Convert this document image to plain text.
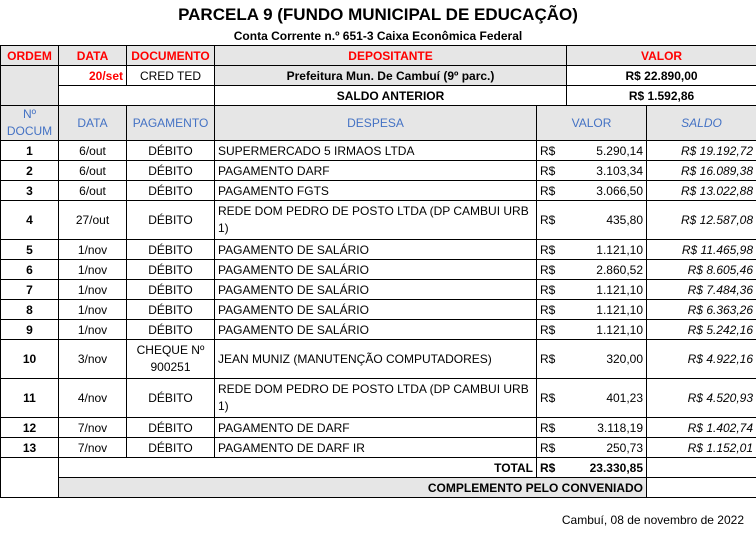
PARCELA 9 (FUNDO MUNICIPAL DE EDUCAÇÃO)
Conta Corrente n.º 651-3 Caixa Econômica Federal
ORDEM	DATA	DOCUMENTO	DEPOSITANTE		VALOR	
	20/set	CRED TED	Prefeitura Mun. De Cambuí (9º parc.)		R$ 22.890,00	
			SALDO ANTERIOR		R$ 1.592,86	
Nº DOCUM	DATA	PAGAMENTO	DESPESA	VALOR		SALDO
1	6/out	DÉBITO	SUPERMERCADO 5 IRMAOS LTDA	R$	5.290,14	R$ 19.192,72
2	6/out	DÉBITO	PAGAMENTO DARF	R$	3.103,34	R$ 16.089,38
3	6/out	DÉBITO	PAGAMENTO FGTS	R$	3.066,50	R$ 13.022,88
4	27/out	DÉBITO	REDE DOM PEDRO DE POSTO LTDA (DP CAMBUI URB 1)	R$	435,80	R$ 12.587,08
5	1/nov	DÉBITO	PAGAMENTO DE SALÁRIO	R$	1.121,10	R$ 11.465,98
6	1/nov	DÉBITO	PAGAMENTO DE SALÁRIO	R$	2.860,52	R$ 8.605,46
7	1/nov	DÉBITO	PAGAMENTO DE SALÁRIO	R$	1.121,10	R$ 7.484,36
8	1/nov	DÉBITO	PAGAMENTO DE SALÁRIO	R$	1.121,10	R$ 6.363,26
9	1/nov	DÉBITO	PAGAMENTO DE SALÁRIO	R$	1.121,10	R$ 5.242,16
10	3/nov	CHEQUE Nº 900251	JEAN MUNIZ (MANUTENÇÃO COMPUTADORES)	R$	320,00	R$ 4.922,16
11	4/nov	DÉBITO	REDE DOM PEDRO DE POSTO LTDA (DP CAMBUI URB 1)	R$	401,23	R$ 4.520,93
12	7/nov	DÉBITO	PAGAMENTO DE DARF	R$	3.118,19	R$ 1.402,74
13	7/nov	DÉBITO	PAGAMENTO DE DARF IR	R$	250,73	R$ 1.152,01
	TOTAL			R$	23.330,85	
	COMPLEMENTO PELO CONVENIADO					
Cambuí, 08 de novembro de 2022
